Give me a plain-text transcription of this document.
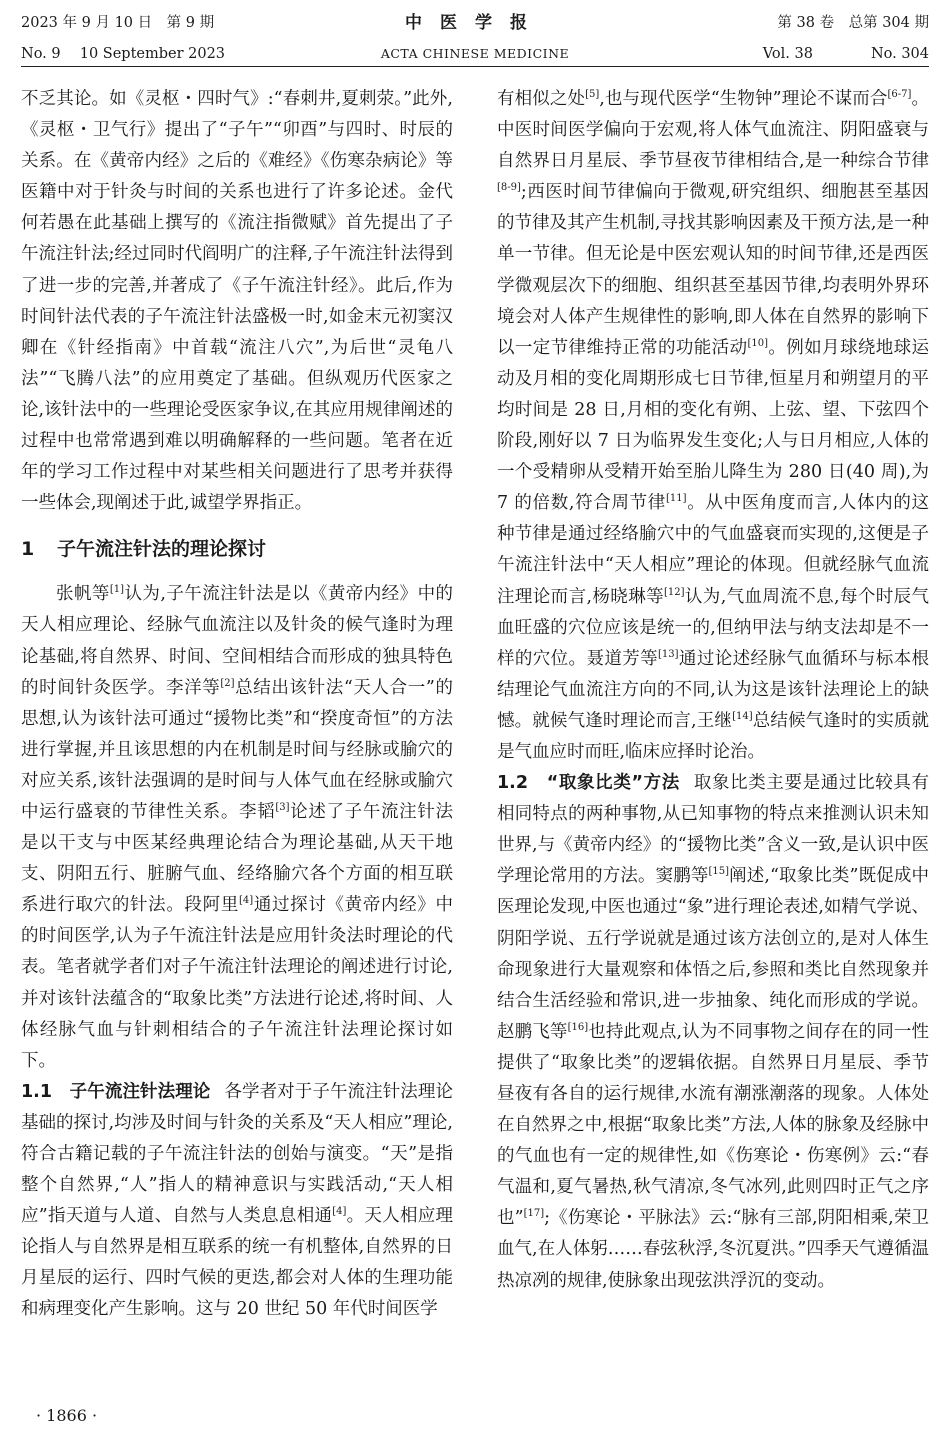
2023 年 9 月 10 日　第 9 期	中医学报	第 38 卷　总第 304 期
No. 9　 10 September 2023	ACTA CHINESE MEDICINE	Vol. 38　　　　No. 304

不乏其论。如《灵枢・四时气》:“春刺井,夏刺荥。”此外,《灵枢・卫气行》提出了“子午”“卯酉”与四时、时辰的关系。在《黄帝内经》之后的《难经》《伤寒杂病论》等医籍中对于针灸与时间的关系也进行了许多论述。金代何若愚在此基础上撰写的《流注指微赋》首先提出了子午流注针法;经过同时代阎明广的注释,子午流注针法得到了进一步的完善,并著成了《子午流注针经》。此后,作为时间针法代表的子午流注针法盛极一时,如金末元初窦汉卿在《针经指南》中首载“流注八穴”,为后世“灵龟八法”“飞腾八法”的应用奠定了基础。但纵观历代医家之论,该针法中的一些理论受医家争议,在其应用规律阐述的过程中也常常遇到难以明确解释的一些问题。笔者在近年的学习工作过程中对某些相关问题进行了思考并获得一些体会,现阐述于此,诚望学界指正。

1 子午流注针法的理论探讨

张帆等[1]认为,子午流注针法是以《黄帝内经》中的天人相应理论、经脉气血流注以及针灸的候气逢时为理论基础,将自然界、时间、空间相结合而形成的独具特色的时间针灸医学。李洋等[2]总结出该针法“天人合一”的思想,认为该针法可通过“援物比类”和“揆度奇恒”的方法进行掌握,并且该思想的内在机制是时间与经脉或腧穴的对应关系,该针法强调的是时间与人体气血在经脉或腧穴中运行盛衰的节律性关系。李韬[3]论述了子午流注针法是以干支与中医某经典理论结合为理论基础,从天干地支、阴阳五行、脏腑气血、经络腧穴各个方面的相互联系进行取穴的针法。段阿里[4]通过探讨《黄帝内经》中的时间医学,认为子午流注针法是应用针灸法时理论的代表。笔者就学者们对子午流注针法理论的阐述进行讨论,并对该针法蕴含的“取象比类”方法进行论述,将时间、人体经脉气血与针刺相结合的子午流注针法理论探讨如下。

1.1　子午流注针法理论 各学者对于子午流注针法理论基础的探讨,均涉及时间与针灸的关系及“天人相应”理论,符合古籍记载的子午流注针法的创始与演变。“天”是指整个自然界,“人”指人的精神意识与实践活动,“天人相应”指天道与人道、自然与人类息息相通[4]。天人相应理论指人与自然界是相互联系的统一有机整体,自然界的日月星辰的运行、四时气候的更迭,都会对人体的生理功能和病理变化产生影响。这与 20 世纪 50 年代时间医学

有相似之处[5],也与现代医学“生物钟”理论不谋而合[6-7]。中医时间医学偏向于宏观,将人体气血流注、阴阳盛衰与自然界日月星辰、季节昼夜节律相结合,是一种综合节律[8-9];西医时间节律偏向于微观,研究组织、细胞甚至基因的节律及其产生机制,寻找其影响因素及干预方法,是一种单一节律。但无论是中医宏观认知的时间节律,还是西医学微观层次下的细胞、组织甚至基因节律,均表明外界环境会对人体产生规律性的影响,即人体在自然界的影响下以一定节律维持正常的功能活动[10]。例如月球绕地球运动及月相的变化周期形成七日节律,恒星月和朔望月的平均时间是 28 日,月相的变化有朔、上弦、望、下弦四个阶段,刚好以 7 日为临界发生变化;人与日月相应,人体的一个受精卵从受精开始至胎儿降生为 280 日(40 周),为 7 的倍数,符合周节律[11]。从中医角度而言,人体内的这种节律是通过经络腧穴中的气血盛衰而实现的,这便是子午流注针法中“天人相应”理论的体现。但就经脉气血流注理论而言,杨晓琳等[12]认为,气血周流不息,每个时辰气血旺盛的穴位应该是统一的,但纳甲法与纳支法却是不一样的穴位。聂道芳等[13]通过论述经脉气血循环与标本根结理论气血流注方向的不同,认为这是该针法理论上的缺憾。就候气逢时理论而言,王继[14]总结候气逢时的实质就是气血应时而旺,临床应择时论治。

1.2　“取象比类”方法 取象比类主要是通过比较具有相同特点的两种事物,从已知事物的特点来推测认识未知世界,与《黄帝内经》的“援物比类”含义一致,是认识中医学理论常用的方法。窦鹏等[15]阐述,“取象比类”既促成中医理论发现,中医也通过“象”进行理论表述,如精气学说、阴阳学说、五行学说就是通过该方法创立的,是对人体生命现象进行大量观察和体悟之后,参照和类比自然现象并结合生活经验和常识,进一步抽象、纯化而形成的学说。赵鹏飞等[16]也持此观点,认为不同事物之间存在的同一性提供了“取象比类”的逻辑依据。自然界日月星辰、季节昼夜有各自的运行规律,水流有潮涨潮落的现象。人体处在自然界之中,根据“取象比类”方法,人体的脉象及经脉中的气血也有一定的规律性,如《伤寒论・伤寒例》云:“春气温和,夏气暑热,秋气清凉,冬气冰列,此则四时正气之序也”[17];《伤寒论・平脉法》云:“脉有三部,阴阳相乘,荣卫血气,在人体躬……春弦秋浮,冬沉夏洪。”四季天气遵循温热凉冽的规律,使脉象出现弦洪浮沉的变动。

· 1866 ·
